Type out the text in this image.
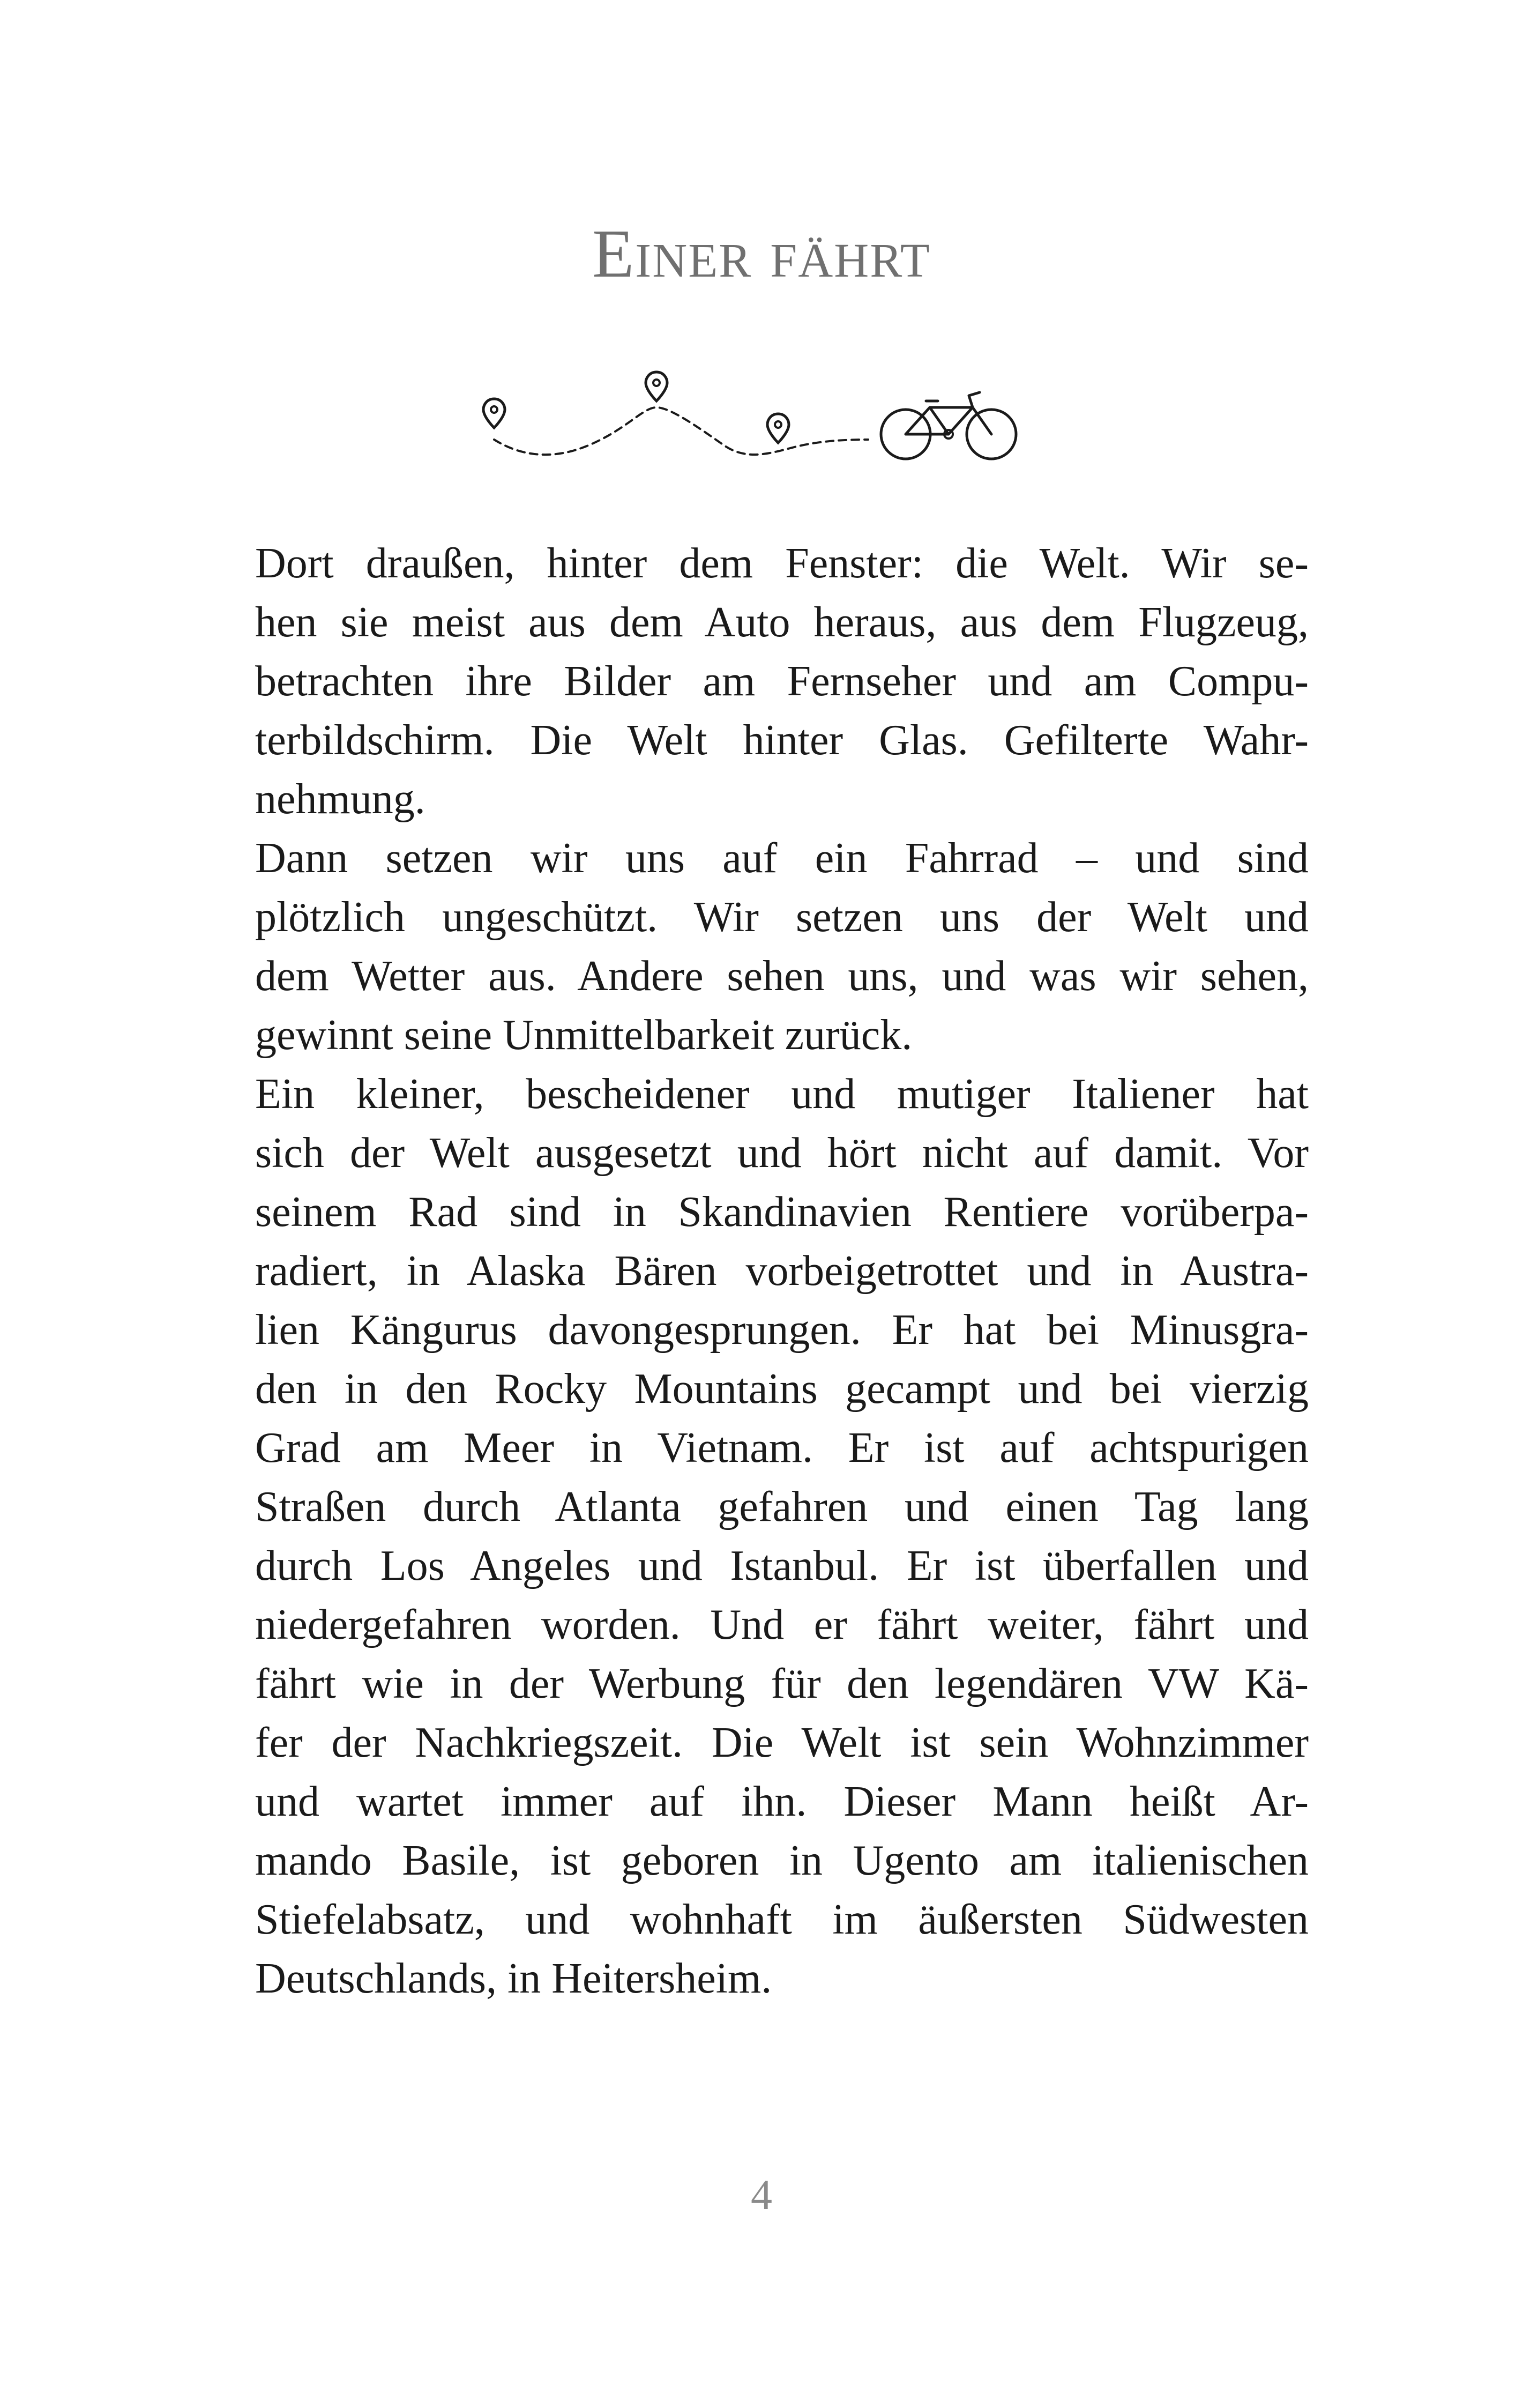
Einer fährt

Dort draußen, hinter dem Fenster: die Welt. Wir se-
hen sie meist aus dem Auto heraus, aus dem Flugzeug,
betrachten ihre Bilder am Fernseher und am Compu-
terbildschirm. Die Welt hinter Glas. Gefilterte Wahr-
nehmung.

Dann setzen wir uns auf ein Fahrrad – und sind
plötzlich ungeschützt. Wir setzen uns der Welt und
dem Wetter aus. Andere sehen uns, und was wir sehen,
gewinnt seine Unmittelbarkeit zurück.

Ein kleiner, bescheidener und mutiger Italiener hat
sich der Welt ausgesetzt und hört nicht auf damit. Vor
seinem Rad sind in Skandinavien Rentiere vorüberpa-
radiert, in Alaska Bären vorbeigetrottet und in Austra-
lien Kängurus davongesprungen. Er hat bei Minusgra-
den in den Rocky Mountains gecampt und bei vierzig
Grad am Meer in Vietnam. Er ist auf achtspurigen
Straßen durch Atlanta gefahren und einen Tag lang
durch Los Angeles und Istanbul. Er ist überfallen und
niedergefahren worden. Und er fährt weiter, fährt und
fährt wie in der Werbung für den legendären VW Kä-
fer der Nachkriegszeit. Die Welt ist sein Wohnzimmer
und wartet immer auf ihn. Dieser Mann heißt Ar-
mando Basile, ist geboren in Ugento am italienischen
Stiefelabsatz, und wohnhaft im äußersten Südwesten
Deutschlands, in Heitersheim.

4
